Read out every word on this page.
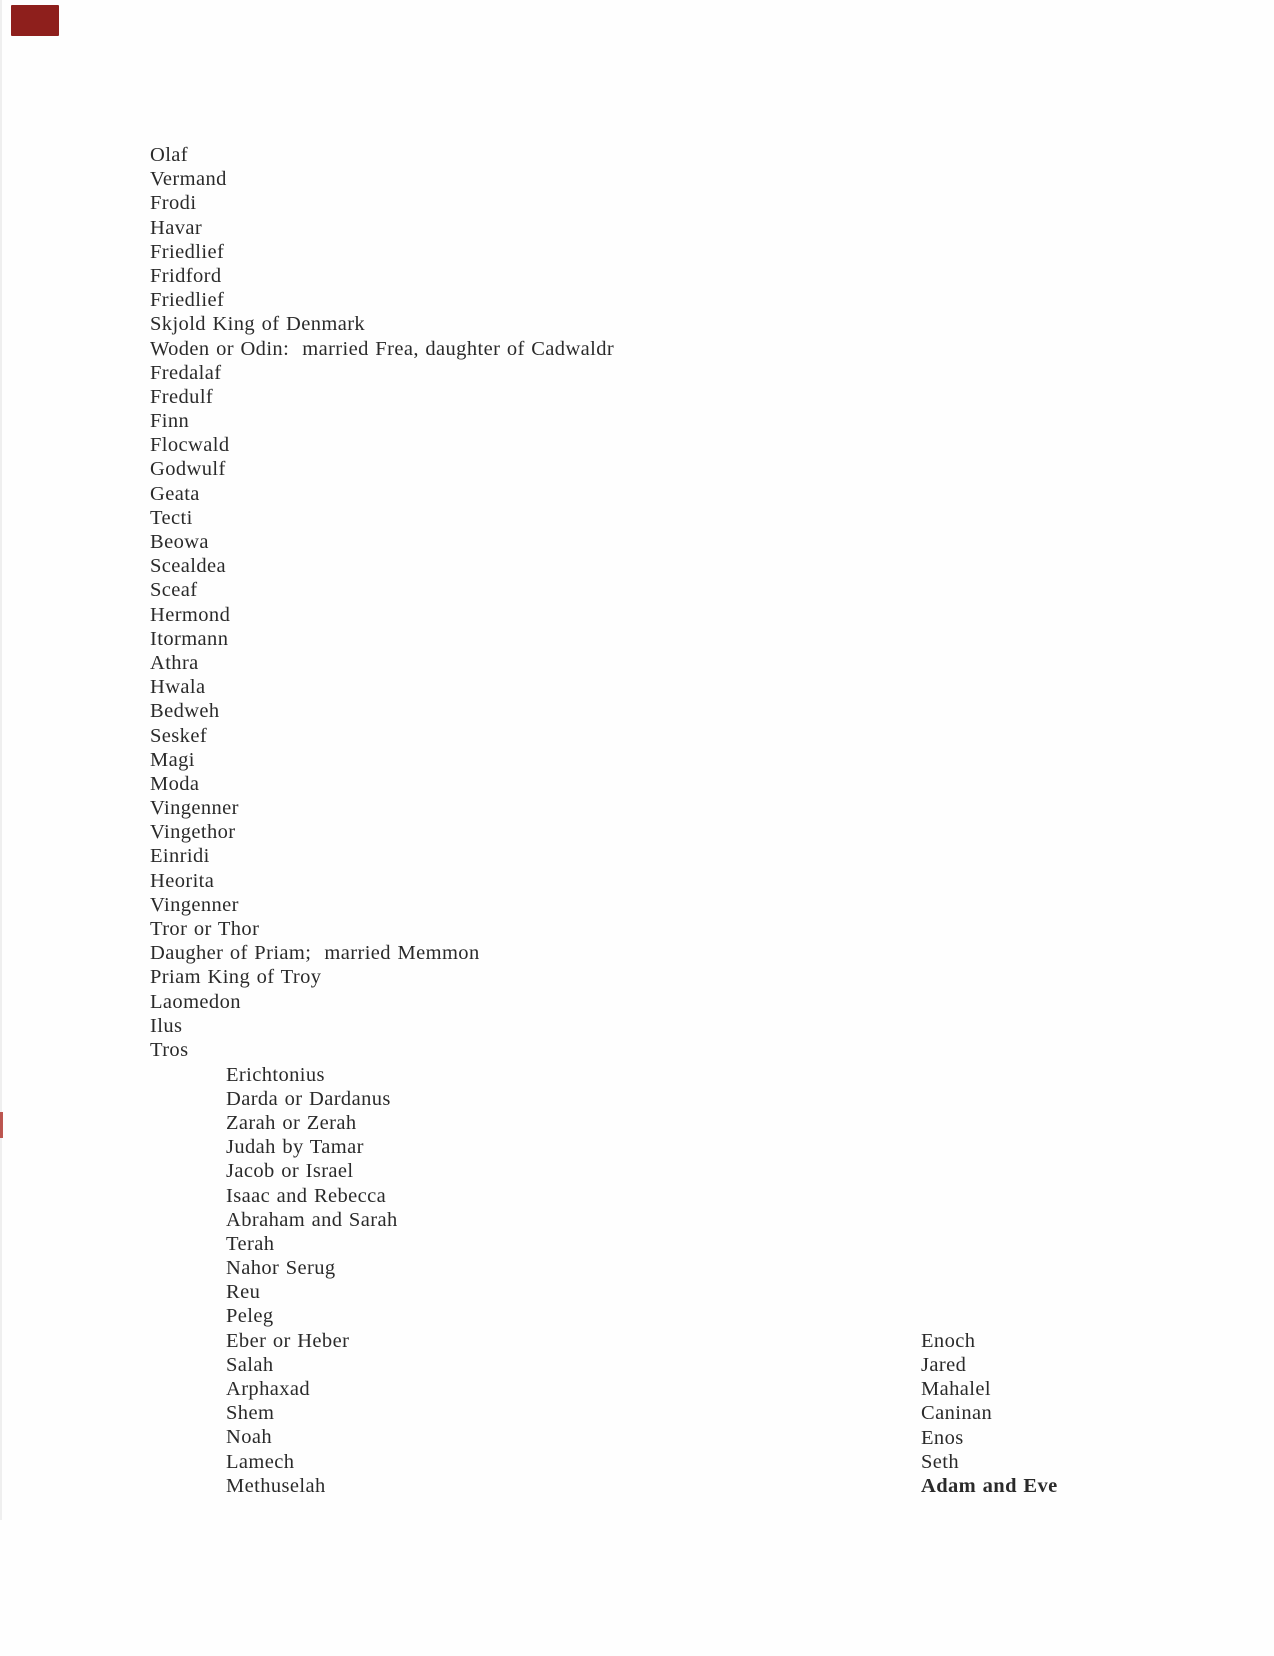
Olaf
Vermand
Frodi
Havar
Friedlief
Fridford
Friedlief
Skjold King of Denmark
Woden or Odin:  married Frea, daughter of Cadwaldr
Fredalaf
Fredulf
Finn
Flocwald
Godwulf
Geata
Tecti
Beowa
Scealdea
Sceaf
Hermond
Itormann
Athra
Hwala
Bedweh
Seskef
Magi
Moda
Vingenner
Vingethor
Einridi
Heorita
Vingenner
Tror or Thor
Daugher of Priam;  married Memmon
Priam King of Troy
Laomedon
Ilus
Tros
Erichtonius
Darda or Dardanus
Zarah or Zerah
Judah by Tamar
Jacob or Israel
Isaac and Rebecca
Abraham and Sarah
Terah
Nahor Serug
Reu
Peleg
Eber or Heber
Salah
Arphaxad
Shem
Noah
Lamech
Methuselah
Enoch
Jared
Mahalel
Caninan
Enos
Seth
Adam and Eve
